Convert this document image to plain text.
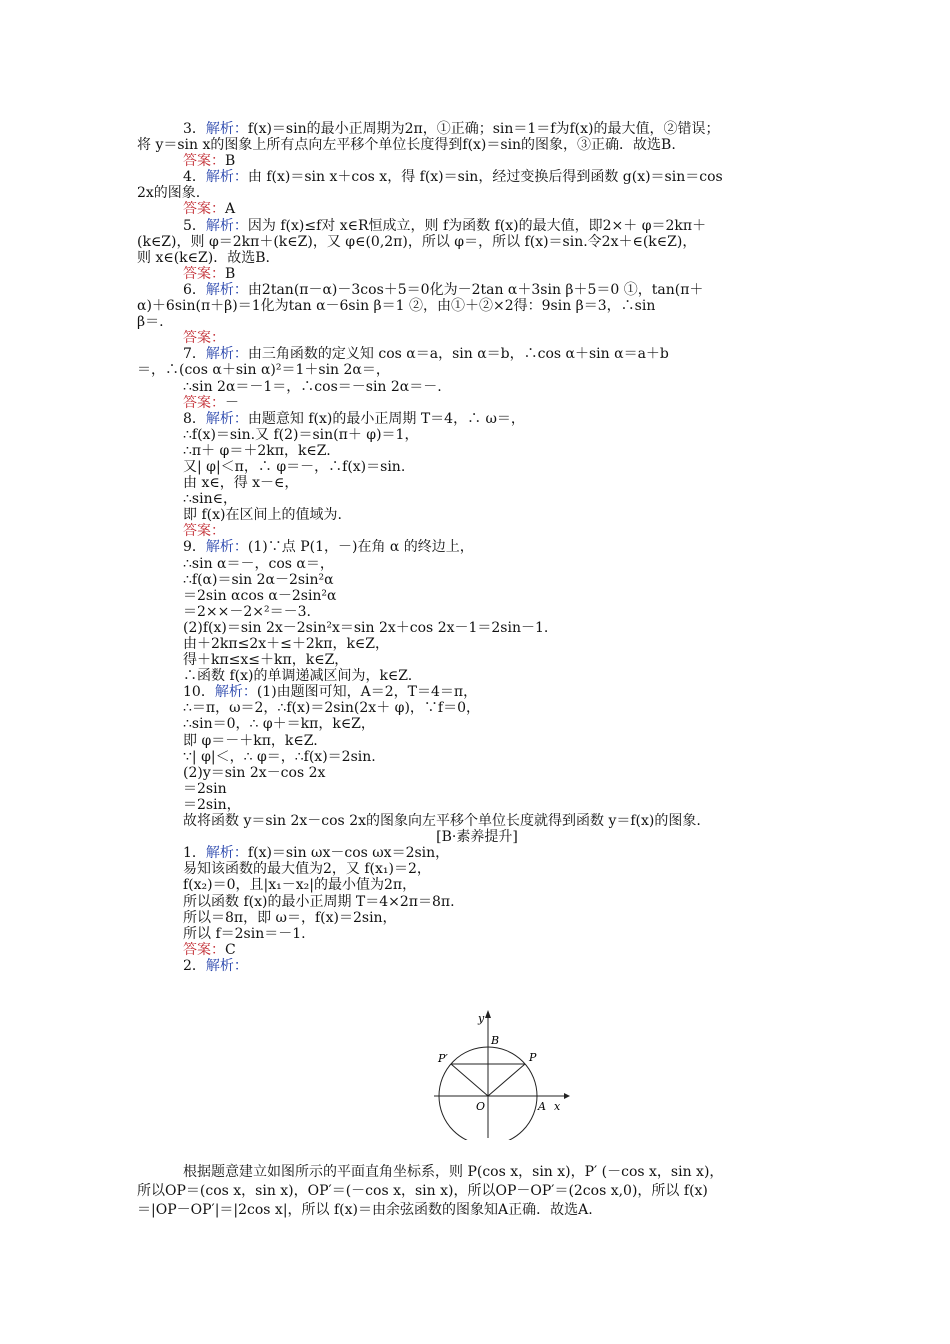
3．解析：f(x)＝sin的最小正周期为2π，①正确；sin＝1＝f为f(x)的最大值，②错误；
将 y＝sin x的图象上所有点向左平移个单位长度得到f(x)＝sin的图象，③正确．故选B.
答案：B
4．解析：由 f(x)＝sin x＋cos x，得 f(x)＝sin，经过变换后得到函数 g(x)＝sin＝cos
2x的图象.
答案：A
5．解析：因为 f(x)≤f对 x∈R恒成立，则 f为函数 f(x)的最大值，即2×＋ φ＝2kπ＋
(k∈Z)，则 φ＝2kπ＋(k∈Z)，又 φ∈(0,2π)，所以 φ＝，所以 f(x)＝sin.令2x＋∈(k∈Z)，
则 x∈(k∈Z)．故选B.
答案：B
6．解析：由2tan(π－α)－3cos＋5＝0化为－2tan α＋3sin β＋5＝0 ①，tan(π＋
α)＋6sin(π＋β)＝1化为tan α－6sin β＝1 ②，由①＋②×2得：9sin β＝3，∴sin
β＝.
答案：
7．解析：由三角函数的定义知 cos α＝a，sin α＝b，∴cos α＋sin α＝a＋b
＝，∴(cos α＋sin α)²＝1＋sin 2α＝，
∴sin 2α＝－1＝，∴cos＝－sin 2α＝－.
答案：－
8．解析：由题意知 f(x)的最小正周期 T＝4，∴ ω＝，
∴f(x)＝sin.又 f(2)＝sin(π＋ φ)＝1，
∴π＋ φ＝＋2kπ，k∈Z.
又| φ|＜π，∴ φ＝－，∴f(x)＝sin.
由 x∈，得 x－∈，
∴sin∈，
即 f(x)在区间上的值域为.
答案：
9．解析：(1)∵点 P(1，－)在角 α 的终边上，
∴sin α＝－，cos α＝，
∴f(α)＝sin 2α－2sin²α
＝2sin αcos α－2sin²α
＝2××－2×²＝－3.
(2)f(x)＝sin 2x－2sin²x＝sin 2x＋cos 2x－1＝2sin－1.
由＋2kπ≤2x＋≤＋2kπ，k∈Z，
得＋kπ≤x≤＋kπ，k∈Z，
∴函数 f(x)的单调递减区间为，k∈Z.
10．解析：(1)由题图可知，A＝2，T＝4＝π，
∴＝π，ω＝2，∴f(x)＝2sin(2x＋ φ)，∵f＝0，
∴sin＝0，∴ φ＋＝kπ，k∈Z，
即 φ＝－＋kπ，k∈Z.
∵| φ|＜，∴ φ＝，∴f(x)＝2sin.
(2)y＝sin 2x－cos 2x
＝2sin
＝2sin，
故将函数 y＝sin 2x－cos 2x的图象向左平移个单位长度就得到函数 y＝f(x)的图象.
[B·素养提升]
1．解析：f(x)＝sin ωx－cos ωx＝2sin，
易知该函数的最大值为2，又 f(x₁)＝2，
f(x₂)＝0，且|x₁－x₂|的最小值为2π，
所以函数 f(x)的最小正周期 T＝4×2π＝8π.
所以＝8π，即 ω＝，f(x)＝2sin，
所以 f＝2sin＝－1.
答案：C
2．解析：
y
x
B
P
P′
O	A
根据题意建立如图所示的平面直角坐标系，则 P(cos x，sin x)，P′ (－cos x，sin x)，
所以OP＝(cos x，sin x)，OP′＝(－cos x，sin x)，所以OP－OP′＝(2cos x,0)，所以 f(x)
＝|OP－OP′|＝|2cos x|，所以 f(x)＝由余弦函数的图象知A正确．故选A.
